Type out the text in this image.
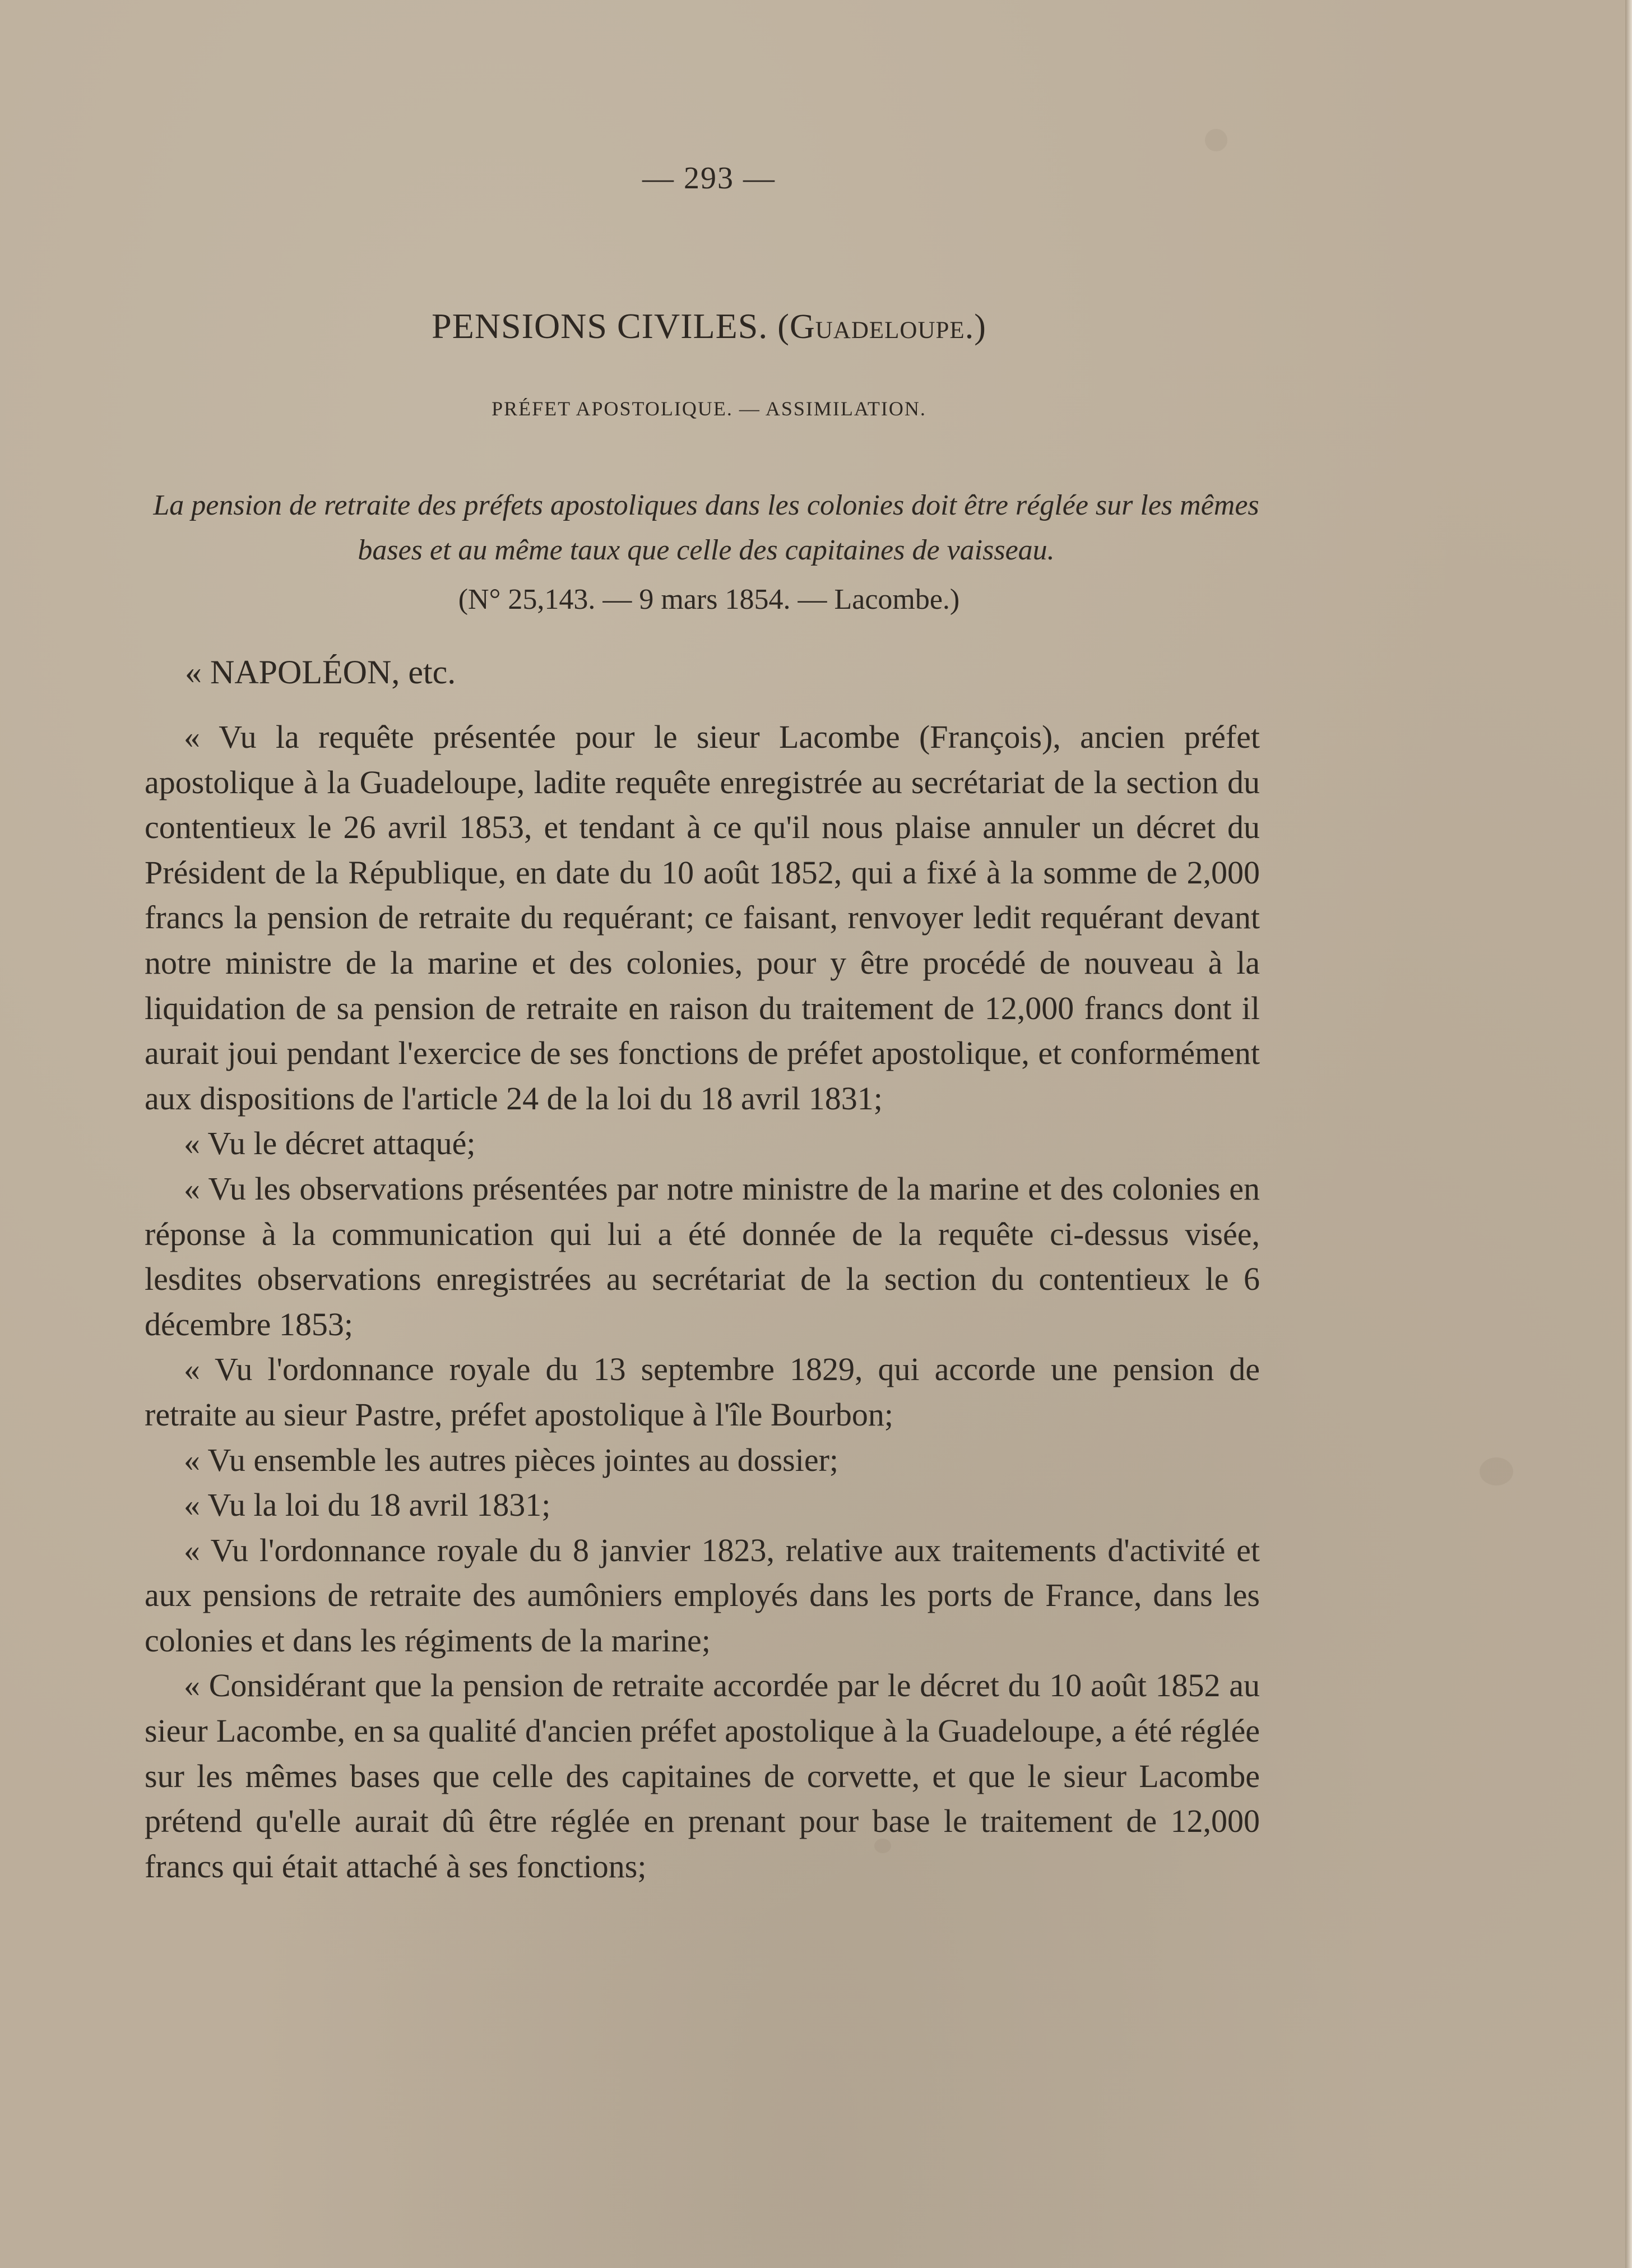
— 293 —
PENSIONS CIVILES. (Guadeloupe.)
PRÉFET APOSTOLIQUE. — ASSIMILATION.
La pension de retraite des préfets apostoliques dans les colonies doit être réglée sur les mêmes bases et au même taux que celle des capitaines de vaisseau.
(N° 25,143. — 9 mars 1854. — Lacombe.)
« NAPOLÉON, etc.

« Vu la requête présentée pour le sieur Lacombe (François), ancien préfet apostolique à la Guadeloupe, ladite requête enregistrée au secrétariat de la section du contentieux le 26 avril 1853, et tendant à ce qu'il nous plaise annuler un décret du Président de la République, en date du 10 août 1852, qui a fixé à la somme de 2,000 francs la pension de retraite du requérant; ce faisant, renvoyer ledit requérant devant notre ministre de la marine et des colonies, pour y être procédé de nouveau à la liquidation de sa pension de retraite en raison du traitement de 12,000 francs dont il aurait joui pendant l'exercice de ses fonctions de préfet apostolique, et conformément aux dispositions de l'article 24 de la loi du 18 avril 1831;

« Vu le décret attaqué;

« Vu les observations présentées par notre ministre de la marine et des colonies en réponse à la communication qui lui a été donnée de la requête ci-dessus visée, lesdites observations enregistrées au secrétariat de la section du contentieux le 6 décembre 1853;

« Vu l'ordonnance royale du 13 septembre 1829, qui accorde une pension de retraite au sieur Pastre, préfet apostolique à l'île Bourbon;

« Vu ensemble les autres pièces jointes au dossier;

« Vu la loi du 18 avril 1831;

« Vu l'ordonnance royale du 8 janvier 1823, relative aux traitements d'activité et aux pensions de retraite des aumôniers employés dans les ports de France, dans les colonies et dans les régiments de la marine;

« Considérant que la pension de retraite accordée par le décret du 10 août 1852 au sieur Lacombe, en sa qualité d'ancien préfet apostolique à la Guadeloupe, a été réglée sur les mêmes bases que celle des capitaines de corvette, et que le sieur Lacombe prétend qu'elle aurait dû être réglée en prenant pour base le traitement de 12,000 francs qui était attaché à ses fonctions;
